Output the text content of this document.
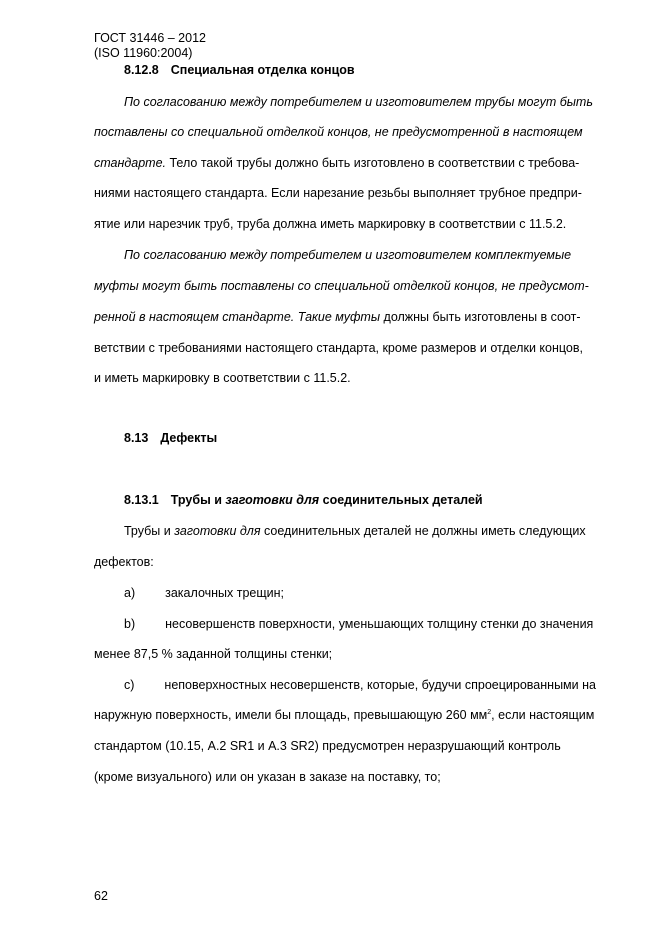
ГОСТ 31446 – 2012
(ISO 11960:2004)
8.12.8 Специальная отделка концов
По согласованию между потребителем и изготовителем трубы могут быть
поставлены со специальной отделкой концов, не предусмотренной в настоящем
стандарте. Тело такой трубы должно быть изготовлено в соответствии с требова-
ниями настоящего стандарта. Если нарезание резьбы выполняет трубное предпри-
ятие или нарезчик труб, труба должна иметь маркировку в соответствии с 11.5.2.
По согласованию между потребителем и изготовителем комплектуемые
муфты могут быть поставлены со специальной отделкой концов, не предусмот-
ренной в настоящем стандарте. Такие муфты должны быть изготовлены в соот-
ветствии с требованиями настоящего стандарта, кроме размеров и отделки концов,
и иметь маркировку в соответствии с 11.5.2.
8.13 Дефекты
8.13.1 Трубы и заготовки для соединительных деталей
Трубы и заготовки для соединительных деталей не должны иметь следующих
дефектов:
a) закалочных трещин;
b) несовершенств поверхности, уменьшающих толщину стенки до значения
менее 87,5 % заданной толщины стенки;
c) неповерхностных несовершенств, которые, будучи спроецированными на
наружную поверхность, имели бы площадь, превышающую 260 $мм^2$, если настоящим
стандартом (10.15, А.2 SR1 и А.3 SR2) предусмотрен неразрушающий контроль
(кроме визуального) или он указан в заказе на поставку, то;
62
